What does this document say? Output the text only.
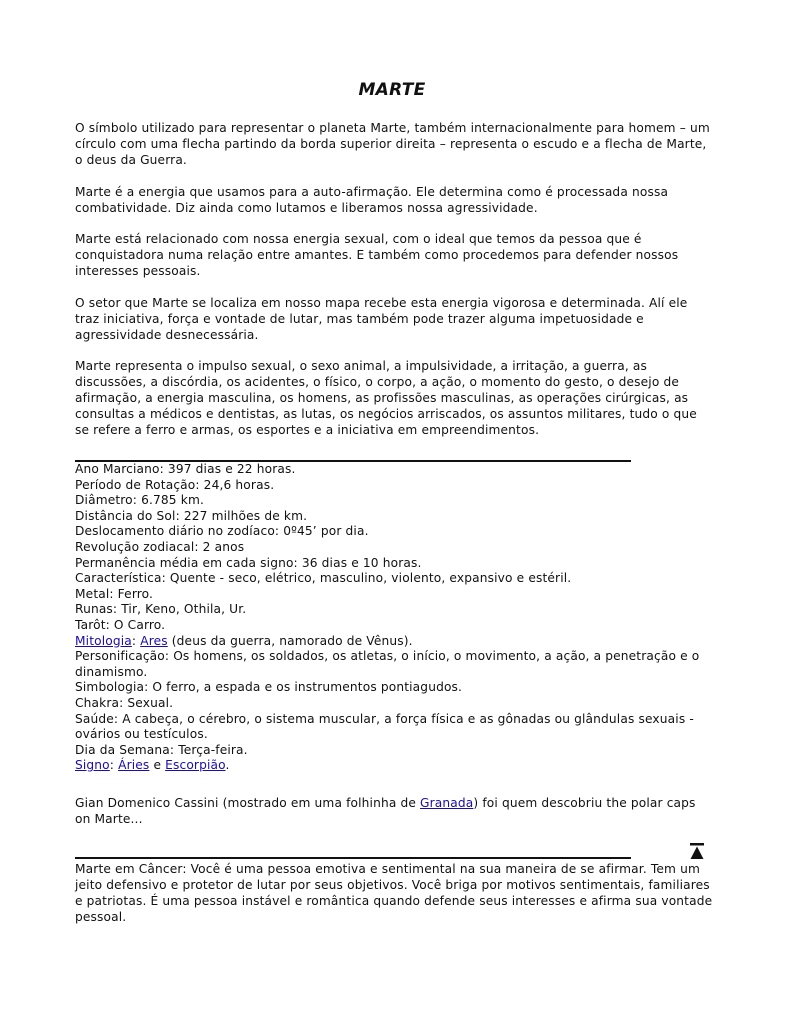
MARTE

O símbolo utilizado para representar o planeta Marte, também internacionalmente para homem – um círculo com uma flecha partindo da borda superior direita – representa o escudo e a flecha de Marte, o deus da Guerra.

Marte é a energia que usamos para a auto-afirmação. Ele determina como é processada nossa combatividade. Diz ainda como lutamos e liberamos nossa agressividade.

Marte está relacionado com nossa energia sexual, com o ideal que temos da pessoa que é conquistadora numa relação entre amantes. E também como procedemos para defender nossos interesses pessoais.

O setor que Marte se localiza em nosso mapa recebe esta energia vigorosa e determinada. Alí ele traz iniciativa, força e vontade de lutar, mas também pode trazer alguma impetuosidade e agressividade desnecessária.

Marte representa o impulso sexual, o sexo animal, a impulsividade, a irritação, a guerra, as discussões, a discórdia, os acidentes, o físico, o corpo, a ação, o momento do gesto, o desejo de afirmação, a energia masculina, os homens, as profissões masculinas, as operações cirúrgicas, as consultas a médicos e dentistas, as lutas, os negócios arriscados, os assuntos militares, tudo o que se refere a ferro e armas, os esportes e a iniciativa em empreendimentos.

Ano Marciano: 397 dias e 22 horas.
Período de Rotação: 24,6 horas.
Diâmetro: 6.785 km.
Distância do Sol: 227 milhões de km.
Deslocamento diário no zodíaco: 0º45’ por dia.
Revolução zodiacal: 2 anos
Permanência média em cada signo: 36 dias e 10 horas.
Característica: Quente - seco, elétrico, masculino, violento, expansivo e estéril.
Metal: Ferro.
Runas: Tir, Keno, Othila, Ur.
Tarôt: O Carro.
Mitologia: Ares (deus da guerra, namorado de Vênus).
Personificação: Os homens, os soldados, os atletas, o início, o movimento, a ação, a penetração e o dinamismo.
Simbologia: O ferro, a espada e os instrumentos pontiagudos.
Chakra: Sexual.
Saúde: A cabeça, o cérebro, o sistema muscular, a força física e as gônadas ou glândulas sexuais - ovários ou testículos.
Dia da Semana: Terça-feira.
Signo: Áries e Escorpião.

Gian Domenico Cassini (mostrado em uma folhinha de Granada) foi quem descobriu the polar caps on Marte...

Marte em Câncer: Você é uma pessoa emotiva e sentimental na sua maneira de se afirmar. Tem um jeito defensivo e protetor de lutar por seus objetivos. Você briga por motivos sentimentais, familiares e patriotas. É uma pessoa instável e romântica quando defende seus interesses e afirma sua vontade pessoal.
